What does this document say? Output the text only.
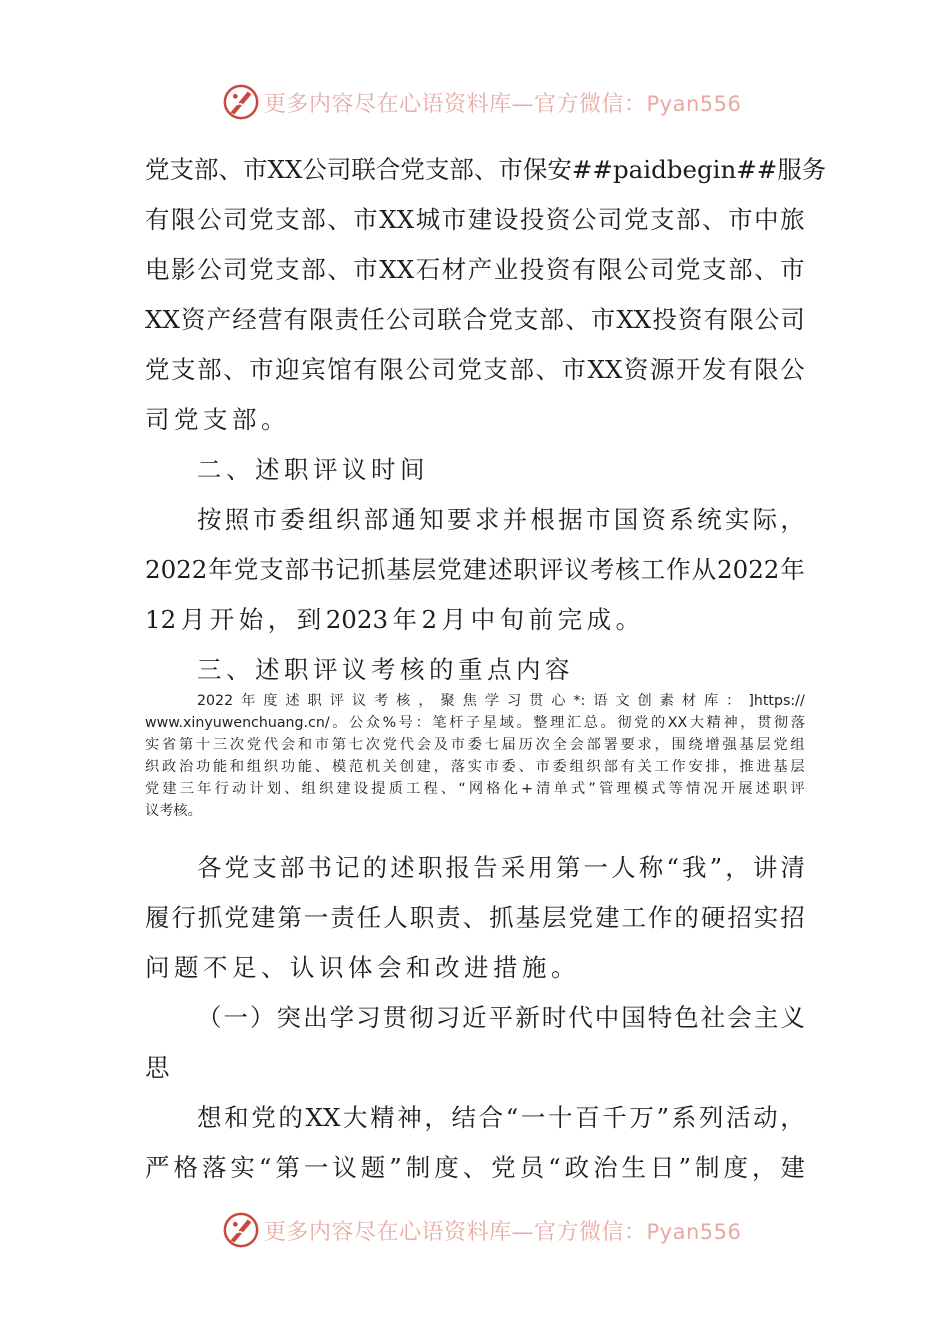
更多内容尽在心语资料库—官方微信：Pyan556
更多内容尽在心语资料库—官方微信：Pyan556
党 支 部 、 市 XX 公 司 联 合 党 支 部 、 市 保 安 ##paidbegin## 服 务
有 限 公 司 党 支 部 、 市 XX 城 市 建 设 投 资 公 司 党 支 部 、 市 中 旅
电 影 公 司 党 支 部 、 市 XX 石 材 产 业 投 资 有 限 公 司 党 支 部 、 市
XX 资 产 经 营 有 限 责 任 公 司 联 合 党 支 部 、 市 XX 投 资 有 限 公 司
党 支 部 、 市 迎 宾 馆 有 限 公 司 党 支 部 、 市 XX 资 源 开 发 有 限 公
司 党 支 部 。
二 、 述 职 评 议 时 间
按 照 市 委 组 织 部 通 知 要 求 并 根 据 市 国 资 系 统 实 际 ，
2022 年 党 支 部 书 记 抓 基 层 党 建 述 职 评 议 考 核 工 作 从 2022 年
12 月 开 始 ， 到 2023 年 2 月 中 旬 前 完 成 。
三 、 述 职 评 议 考 核 的 重 点 内 容
各 党 支 部 书 记 的 述 职 报 告 采 用 第 一 人 称 “ 我 ” ， 讲 清
履 行 抓 党 建 第 一 责 任 人 职 责 、 抓 基 层 党 建 工 作 的 硬 招 实 招
问 题 不 足 、 认 识 体 会 和 改 进 措 施 。
（ 一 ） 突 出 学 习 贯 彻 习 近 平 新 时 代 中 国 特 色 社 会 主 义
思
想 和 党 的 XX 大 精 神 ， 结 合 “ 一 十 百 千 万 ” 系 列 活 动 ，
严 格 落 实 “ 第 一 议 题 ” 制 度 、 党 员 “ 政 治 生 日 ” 制 度 ， 建
2022 年 度 述 职 评 议 考 核 ， 聚 焦 学 习 贯 心 *: 语 文 创 素 材 库 ： ]https://
www.xinyuwenchuang.cn/ 。 公 众 % 号 ： 笔 杆 子 星 域 。 整 理 汇 总 。 彻 党 的 XX 大 精 神 ， 贯 彻 落
实 省 第 十 三 次 党 代 会 和 市 第 七 次 党 代 会 及 市 委 七 届 历 次 全 会 部 署 要 求 ， 围 绕 增 强 基 层 党 组
织 政 治 功 能 和 组 织 功 能 、 模 范 机 关 创 建 ， 落 实 市 委 、 市 委 组 织 部 有 关 工 作 安 排 ， 推 进 基 层
党 建 三 年 行 动 计 划 、 组 织 建 设 提 质 工 程 、 “ 网 格 化 + 清 单 式 ” 管 理 模 式 等 情 况 开 展 述 职 评
议考核。
